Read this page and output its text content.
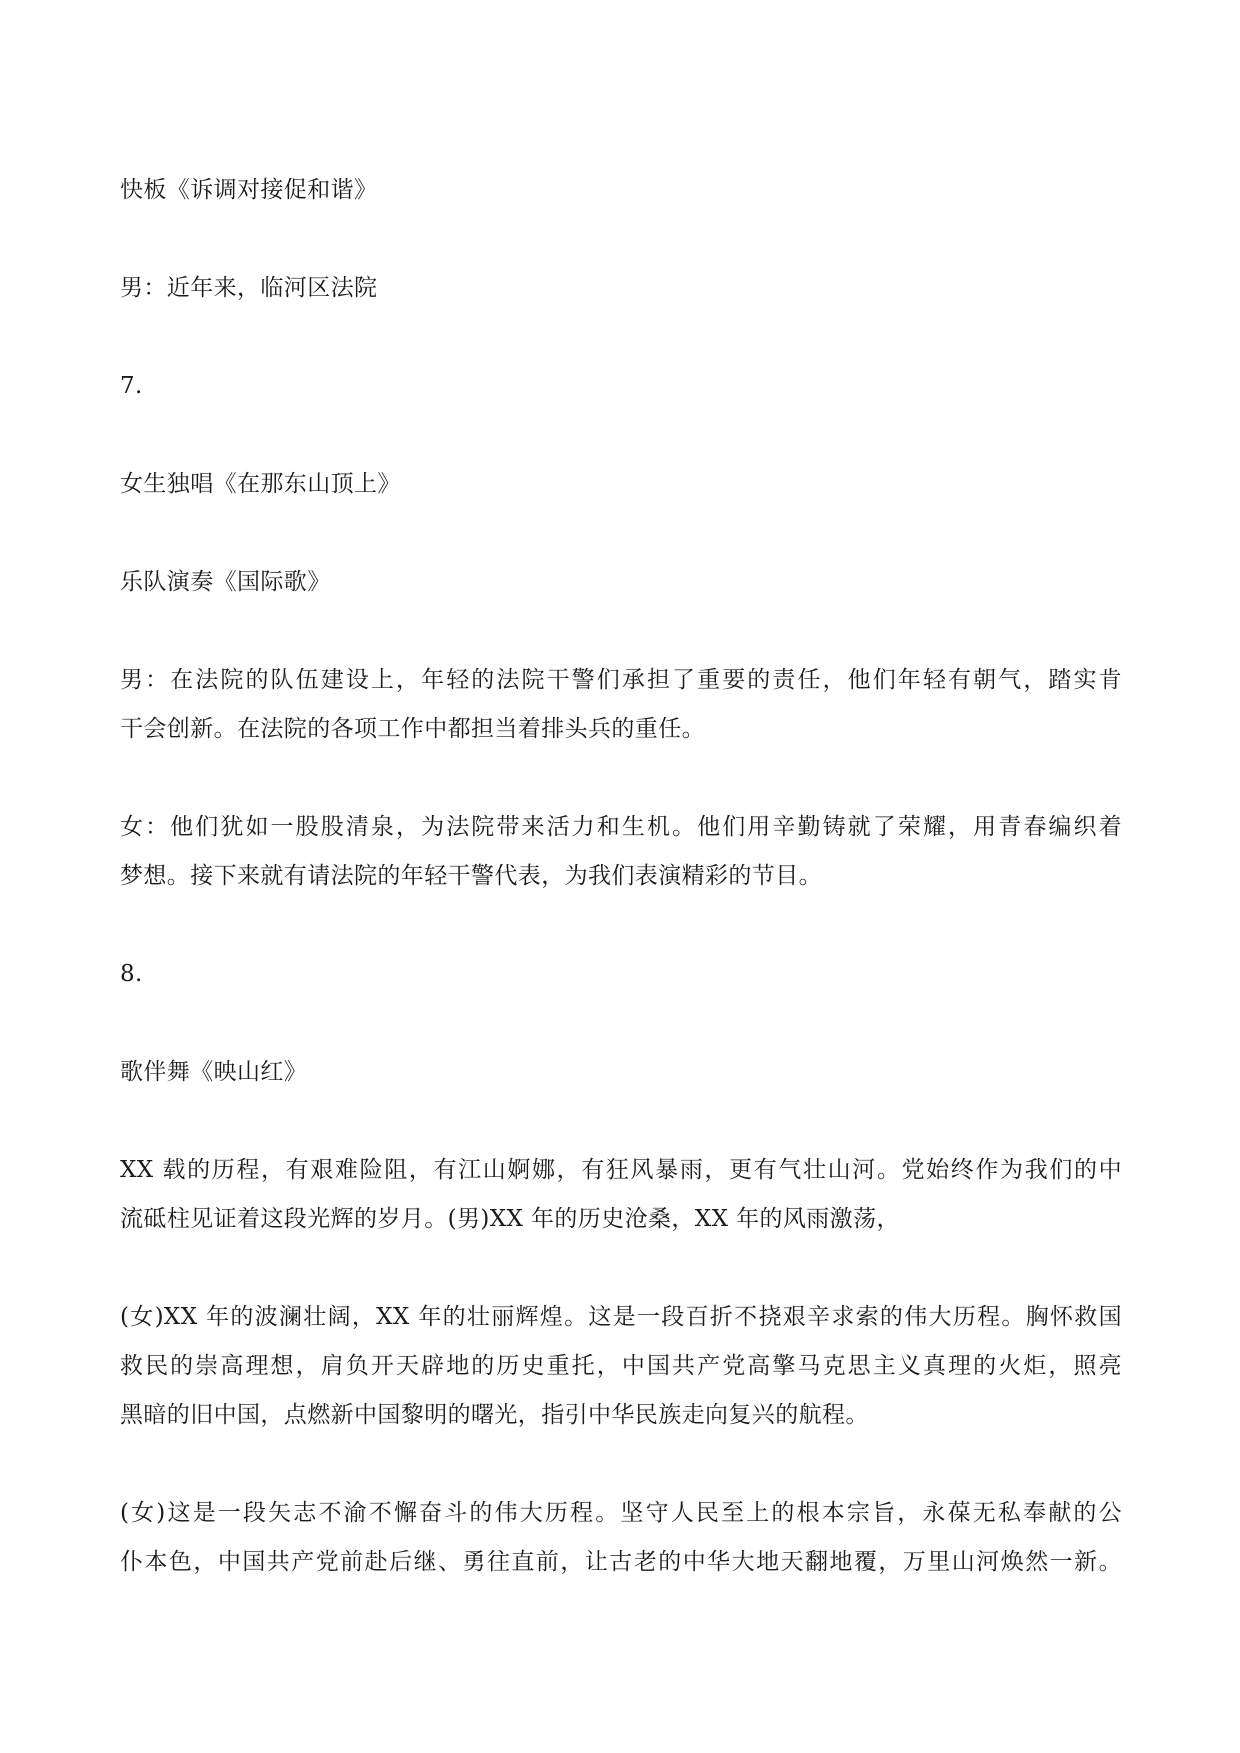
快板《诉调对接促和谐》

男：近年来，临河区法院

7.

女生独唱《在那东山顶上》

乐队演奏《国际歌》

男：在法院的队伍建设上，年轻的法院干警们承担了重要的责任，他们年轻有朝气，踏实肯
干会创新。在法院的各项工作中都担当着排头兵的重任。

女：他们犹如一股股清泉，为法院带来活力和生机。他们用辛勤铸就了荣耀，用青春编织着
梦想。接下来就有请法院的年轻干警代表，为我们表演精彩的节目。

8.

歌伴舞《映山红》

XX 载的历程，有艰难险阻，有江山婀娜，有狂风暴雨，更有气壮山河。党始终作为我们的中
流砥柱见证着这段光辉的岁月。(男)XX 年的历史沧桑，XX 年的风雨激荡，

(女)XX 年的波澜壮阔，XX 年的壮丽辉煌。这是一段百折不挠艰辛求索的伟大历程。胸怀救国
救民的崇高理想，肩负开天辟地的历史重托，中国共产党高擎马克思主义真理的火炬，照亮
黑暗的旧中国，点燃新中国黎明的曙光，指引中华民族走向复兴的航程。

(女)这是一段矢志不渝不懈奋斗的伟大历程。坚守人民至上的根本宗旨，永葆无私奉献的公
仆本色，中国共产党前赴后继、勇往直前，让古老的中华大地天翻地覆，万里山河焕然一新。
